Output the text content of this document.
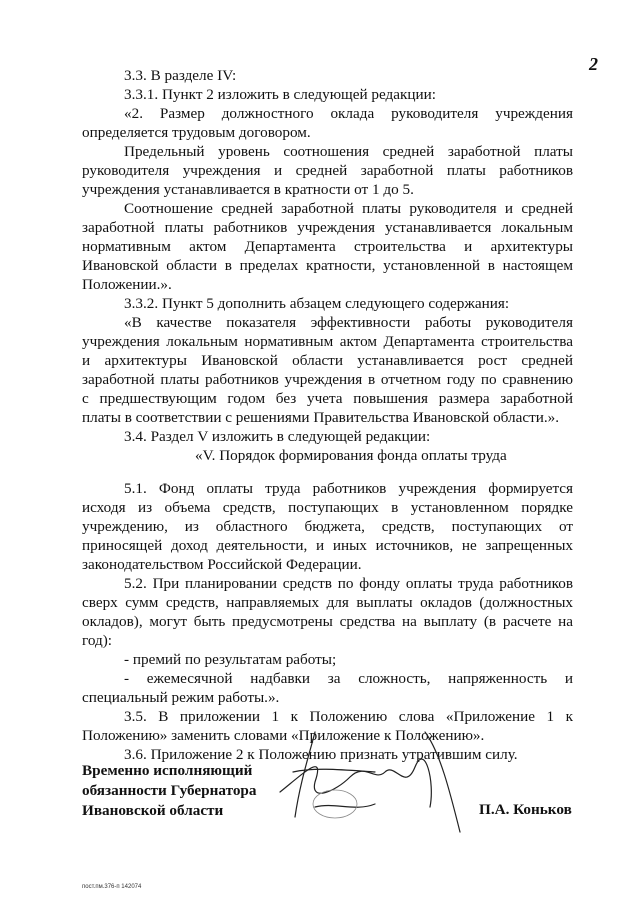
2
3.3. В разделе IV:
3.3.1. Пункт 2 изложить в следующей редакции:
«2. Размер должностного оклада руководителя учреждения
определяется трудовым договором.
Предельный уровень соотношения средней заработной платы
руководителя учреждения и средней заработной платы работников
учреждения устанавливается в кратности от 1 до 5.
Соотношение средней заработной платы руководителя и средней
заработной платы работников учреждения устанавливается локальным
нормативным актом Департамента строительства и архитектуры
Ивановской области в пределах кратности, установленной в настоящем
Положении.».
3.3.2. Пункт 5 дополнить абзацем следующего содержания:
«В качестве показателя эффективности работы руководителя
учреждения локальным нормативным актом Департамента строительства
и архитектуры Ивановской области устанавливается рост средней
заработной платы работников учреждения в отчетном году по сравнению
с предшествующим годом без учета повышения размера заработной
платы в соответствии с решениями Правительства Ивановской области.».
3.4. Раздел V изложить в следующей редакции:
«V. Порядок формирования фонда оплаты труда
5.1. Фонд оплаты труда работников учреждения формируется
исходя из объема средств, поступающих в установленном порядке
учреждению, из областного бюджета, средств, поступающих от
приносящей доход деятельности, и иных источников, не запрещенных
законодательством Российской Федерации.
5.2. При планировании средств по фонду оплаты труда работников
сверх сумм средств, направляемых для выплаты окладов (должностных
окладов), могут быть предусмотрены средства на выплату (в расчете на
год):
- премий по результатам работы;
- ежемесячной надбавки за сложность, напряженность и
специальный режим работы.».
3.5. В приложении 1 к Положению слова «Приложение 1 к
Положению» заменить словами «Приложение к Положению».
3.6. Приложение 2 к Положению признать утратившим силу.
Временно исполняющий
обязанности Губернатора
Ивановской области	П.А. Коньков
пост.пм.376-п 142074
